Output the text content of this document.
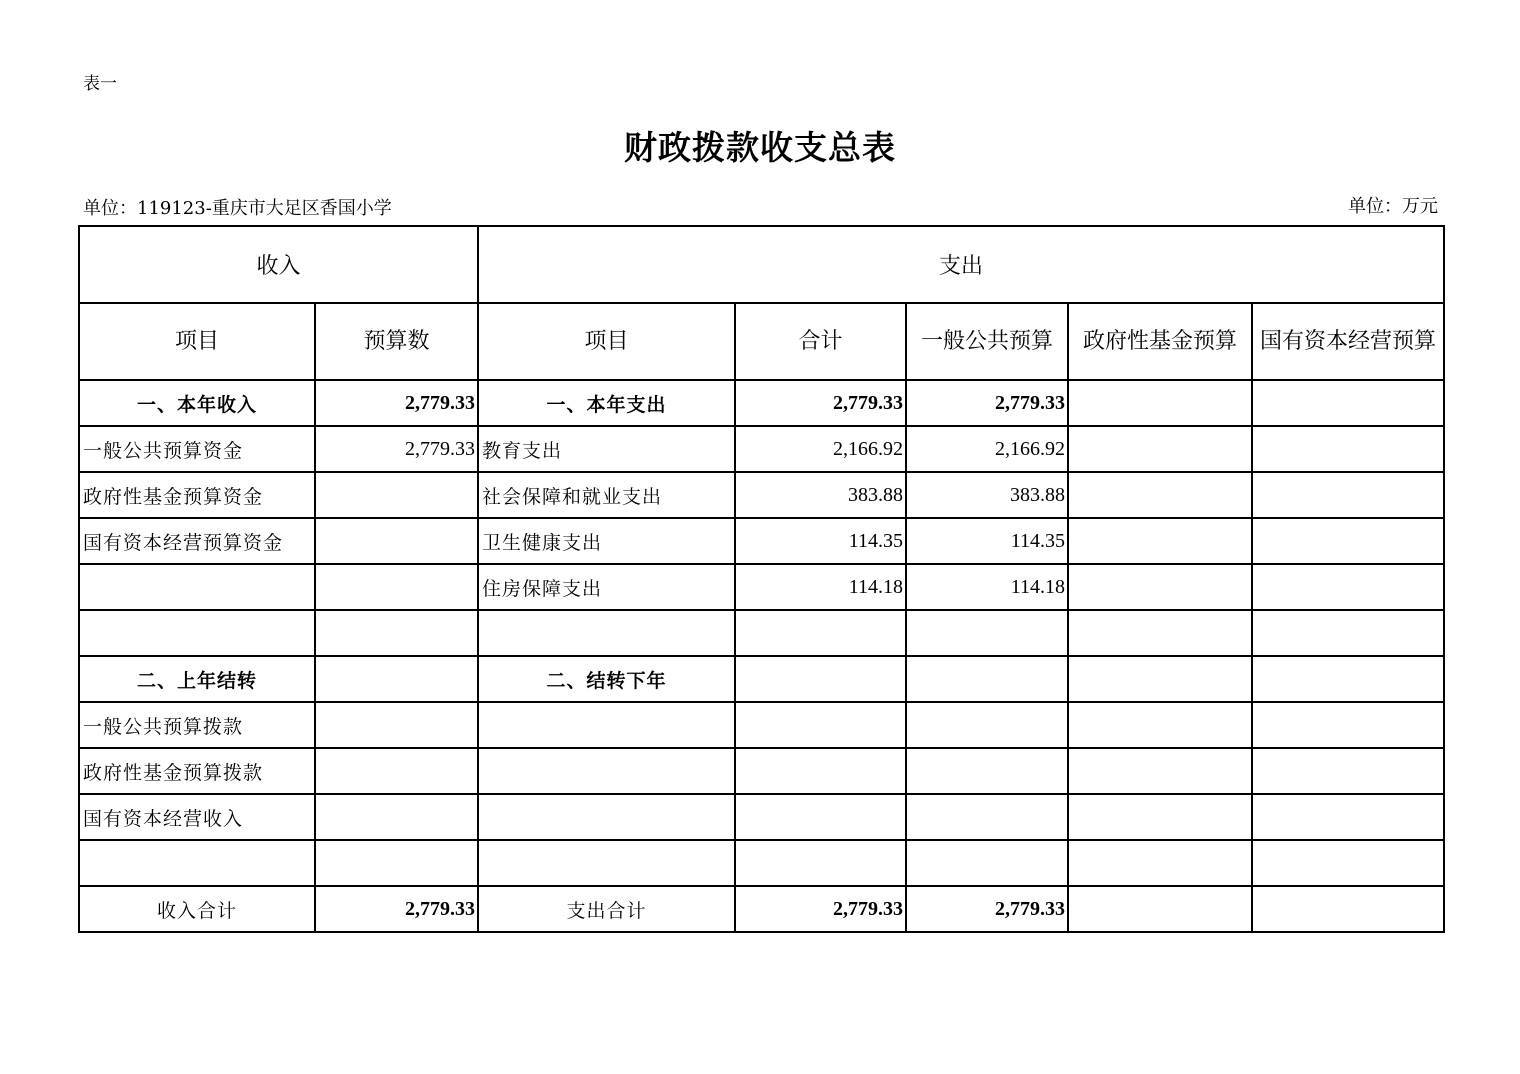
表一
财政拨款收支总表
单位：119123-重庆市大足区香国小学	单位：万元
收入		支出				
项目	预算数	项目	合计	一般公共预算	政府性基金预算	国有资本经营预算
一、本年收入	2,779.33	一、本年支出	2,779.33	2,779.33		
一般公共预算资金	2,779.33	教育支出	2,166.92	2,166.92		
政府性基金预算资金		社会保障和就业支出	383.88	383.88		
国有资本经营预算资金		卫生健康支出	114.35	114.35		
		住房保障支出	114.18	114.18		

二、上年结转		二、结转下年				
一般公共预算拨款						
政府性基金预算拨款						
国有资本经营收入						

收入合计	2,779.33	支出合计	2,779.33	2,779.33		
